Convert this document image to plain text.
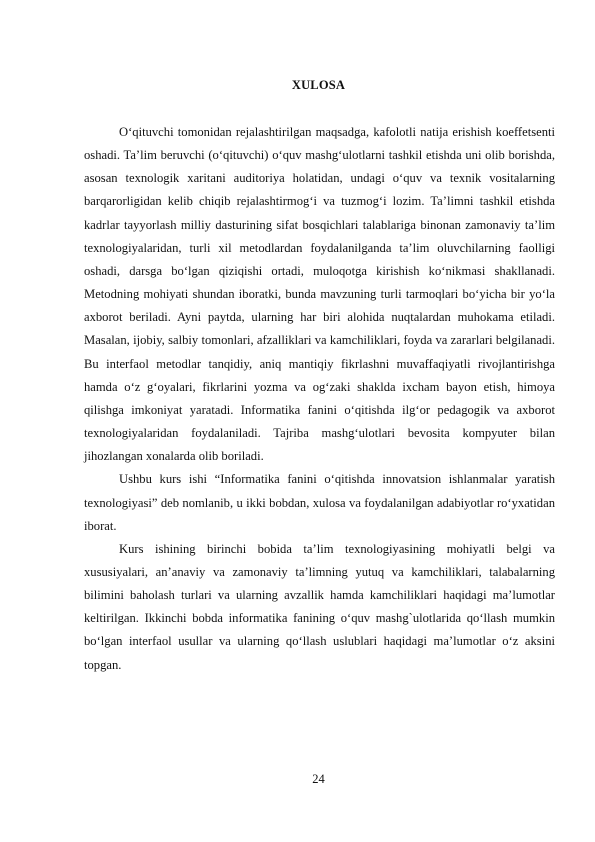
XULOSA

O‘qituvchi tomonidan rejalashtirilgan maqsadga, kafolotli natija erishish koeffetsenti oshadi. Ta’lim beruvchi (o‘qituvchi) o‘quv mashg‘ulotlarni tashkil etishda uni olib borishda, asosan texnologik xaritani auditoriya holatidan, undagi o‘quv va texnik vositalarning barqarorligidan kelib chiqib rejalashtirmog‘i va tuzmog‘i lozim. Ta’limni tashkil etishda kadrlar tayyorlash milliy dasturining sifat bosqichlari talablariga binonan zamonaviy ta’lim texnologiyalaridan, turli xil metodlardan foydalanilganda ta’lim oluvchilarning faolligi oshadi, darsga bo‘lgan qiziqishi ortadi, muloqotga kirishish ko‘nikmasi shakllanadi. Metodning mohiyati shundan iboratki, bunda mavzuning turli tarmoqlari bo‘yicha bir yo‘la axborot beriladi. Ayni paytda, ularning har biri alohida nuqtalardan muhokama etiladi. Masalan, ijobiy, salbiy tomonlari, afzalliklari va kamchiliklari, foyda va zararlari belgilanadi. Bu interfaol metodlar tanqidiy, aniq mantiqiy fikrlashni muvaffaqiyatli rivojlantirishga hamda o‘z g‘oyalari, fikrlarini yozma va og‘zaki shaklda ixcham bayon etish, himoya qilishga imkoniyat yaratadi. Informatika fanini o‘qitishda ilg‘or pedagogik va axborot texnologiyalaridan foydalaniladi. Tajriba mashg‘ulotlari bevosita kompyuter bilan jihozlangan xonalarda olib boriladi.

Ushbu kurs ishi “Informatika fanini o‘qitishda innovatsion ishlanmalar yaratish texnologiyasi” deb nomlanib, u ikki bobdan, xulosa va foydalanilgan adabiyotlar ro‘yxatidan iborat.

Kurs ishining birinchi bobida ta’lim texnologiyasining mohiyatli belgi va xususiyalari, an’anaviy va zamonaviy ta’limning yutuq va kamchiliklari, talabalarning bilimini baholash turlari va ularning avzallik hamda kamchiliklari haqidagi ma’lumotlar keltirilgan. Ikkinchi bobda informatika fanining o‘quv mashg`ulotlarida qo‘llash mumkin bo‘lgan interfaol usullar va ularning qo‘llash uslublari haqidagi ma’lumotlar o‘z aksini topgan.

24
